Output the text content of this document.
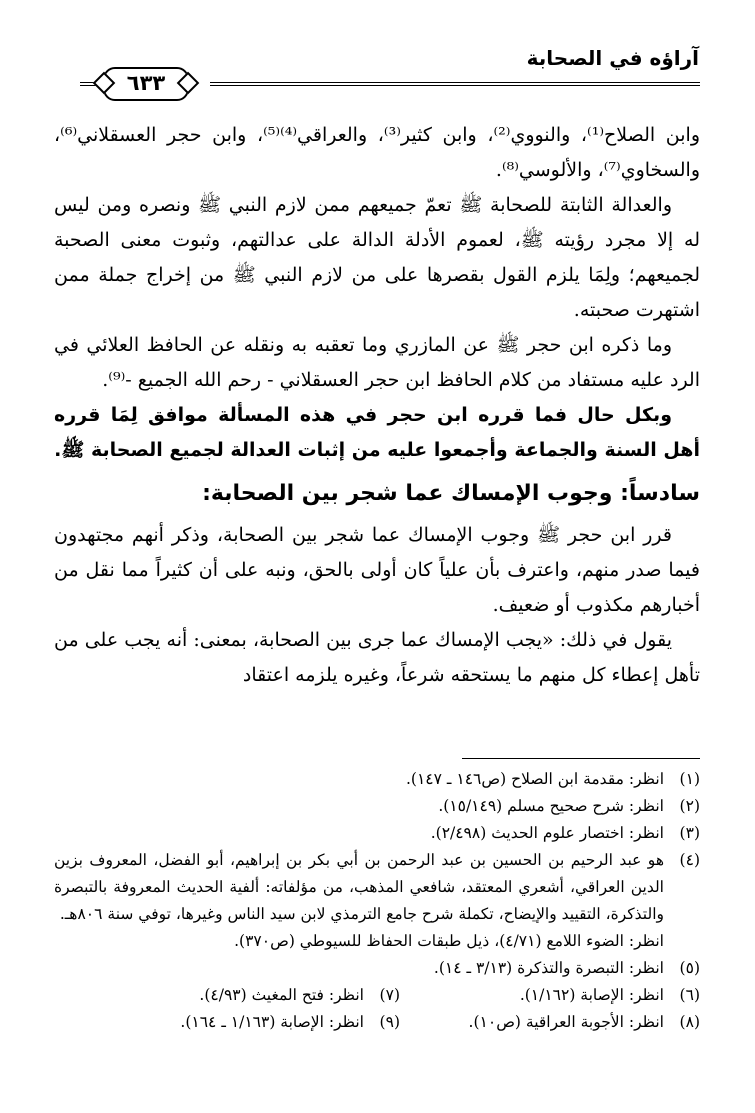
آراؤه في الصحابة
٦٣٣

وابن الصلاح⁽¹⁾، والنووي⁽²⁾، وابن كثير⁽³⁾، والعراقي⁽⁴⁾⁽⁵⁾، وابن حجر العسقلاني⁽⁶⁾، والسخاوي⁽⁷⁾، والألوسي⁽⁸⁾.

والعدالة الثابتة للصحابة ﷺ تعمّ جميعهم ممن لازم النبي ﷺ ونصره ومن ليس له إلا مجرد رؤيته ﷺ، لعموم الأدلة الدالة على عدالتهم، وثبوت معنى الصحبة لجميعهم؛ ولِمَا يلزم القول بقصرها على من لازم النبي ﷺ من إخراج جملة ممن اشتهرت صحبته.

وما ذكره ابن حجر ﷺ عن المازري وما تعقبه به ونقله عن الحافظ العلائي في الرد عليه مستفاد من كلام الحافظ ابن حجر العسقلاني - رحم الله الجميع -⁽⁹⁾.

وبكل حال فما قرره ابن حجر في هذه المسألة موافق لِمَا قرره أهل السنة والجماعة وأجمعوا عليه من إثبات العدالة لجميع الصحابة ﷺ.

سادساً: وجوب الإمساك عما شجر بين الصحابة:

قرر ابن حجر ﷺ وجوب الإمساك عما شجر بين الصحابة، وذكر أنهم مجتهدون فيما صدر منهم، واعترف بأن علياً كان أولى بالحق، ونبه على أن كثيراً مما نقل من أخبارهم مكذوب أو ضعيف.

يقول في ذلك: «يجب الإمساك عما جرى بين الصحابة، بمعنى: أنه يجب على من تأهل إعطاء كل منهم ما يستحقه شرعاً، وغيره يلزمه اعتقاد

(١)
انظر: مقدمة ابن الصلاح (ص١٤٦ ـ ١٤٧).
(٢)
انظر: شرح صحيح مسلم (١٥/١٤٩).
(٣)
انظر: اختصار علوم الحديث (٢/٤٩٨).
(٤)
هو عبد الرحيم بن الحسين بن عبد الرحمن بن أبي بكر بن إبراهيم، أبو الفضل، المعروف بزين الدين العراقي، أشعري المعتقد، شافعي المذهب، من مؤلفاته: ألفية الحديث المعروفة بالتبصرة والتذكرة، التقييد والإيضاح، تكملة شرح جامع الترمذي لابن سيد الناس وغيرها، توفي سنة ٨٠٦هـ.
انظر: الضوء اللامع (٤/٧١)، ذيل طبقات الحفاظ للسيوطي (ص٣٧٠).
(٥)
انظر: التبصرة والتذكرة (٣/١٣ ـ ١٤).
(٦)
انظر: الإصابة (١/١٦٢).
(٧)
انظر: فتح المغيث (٤/٩٣).
(٨)
انظر: الأجوبة العراقية (ص١٠).
(٩)
انظر: الإصابة (١/١٦٣ ـ ١٦٤).
